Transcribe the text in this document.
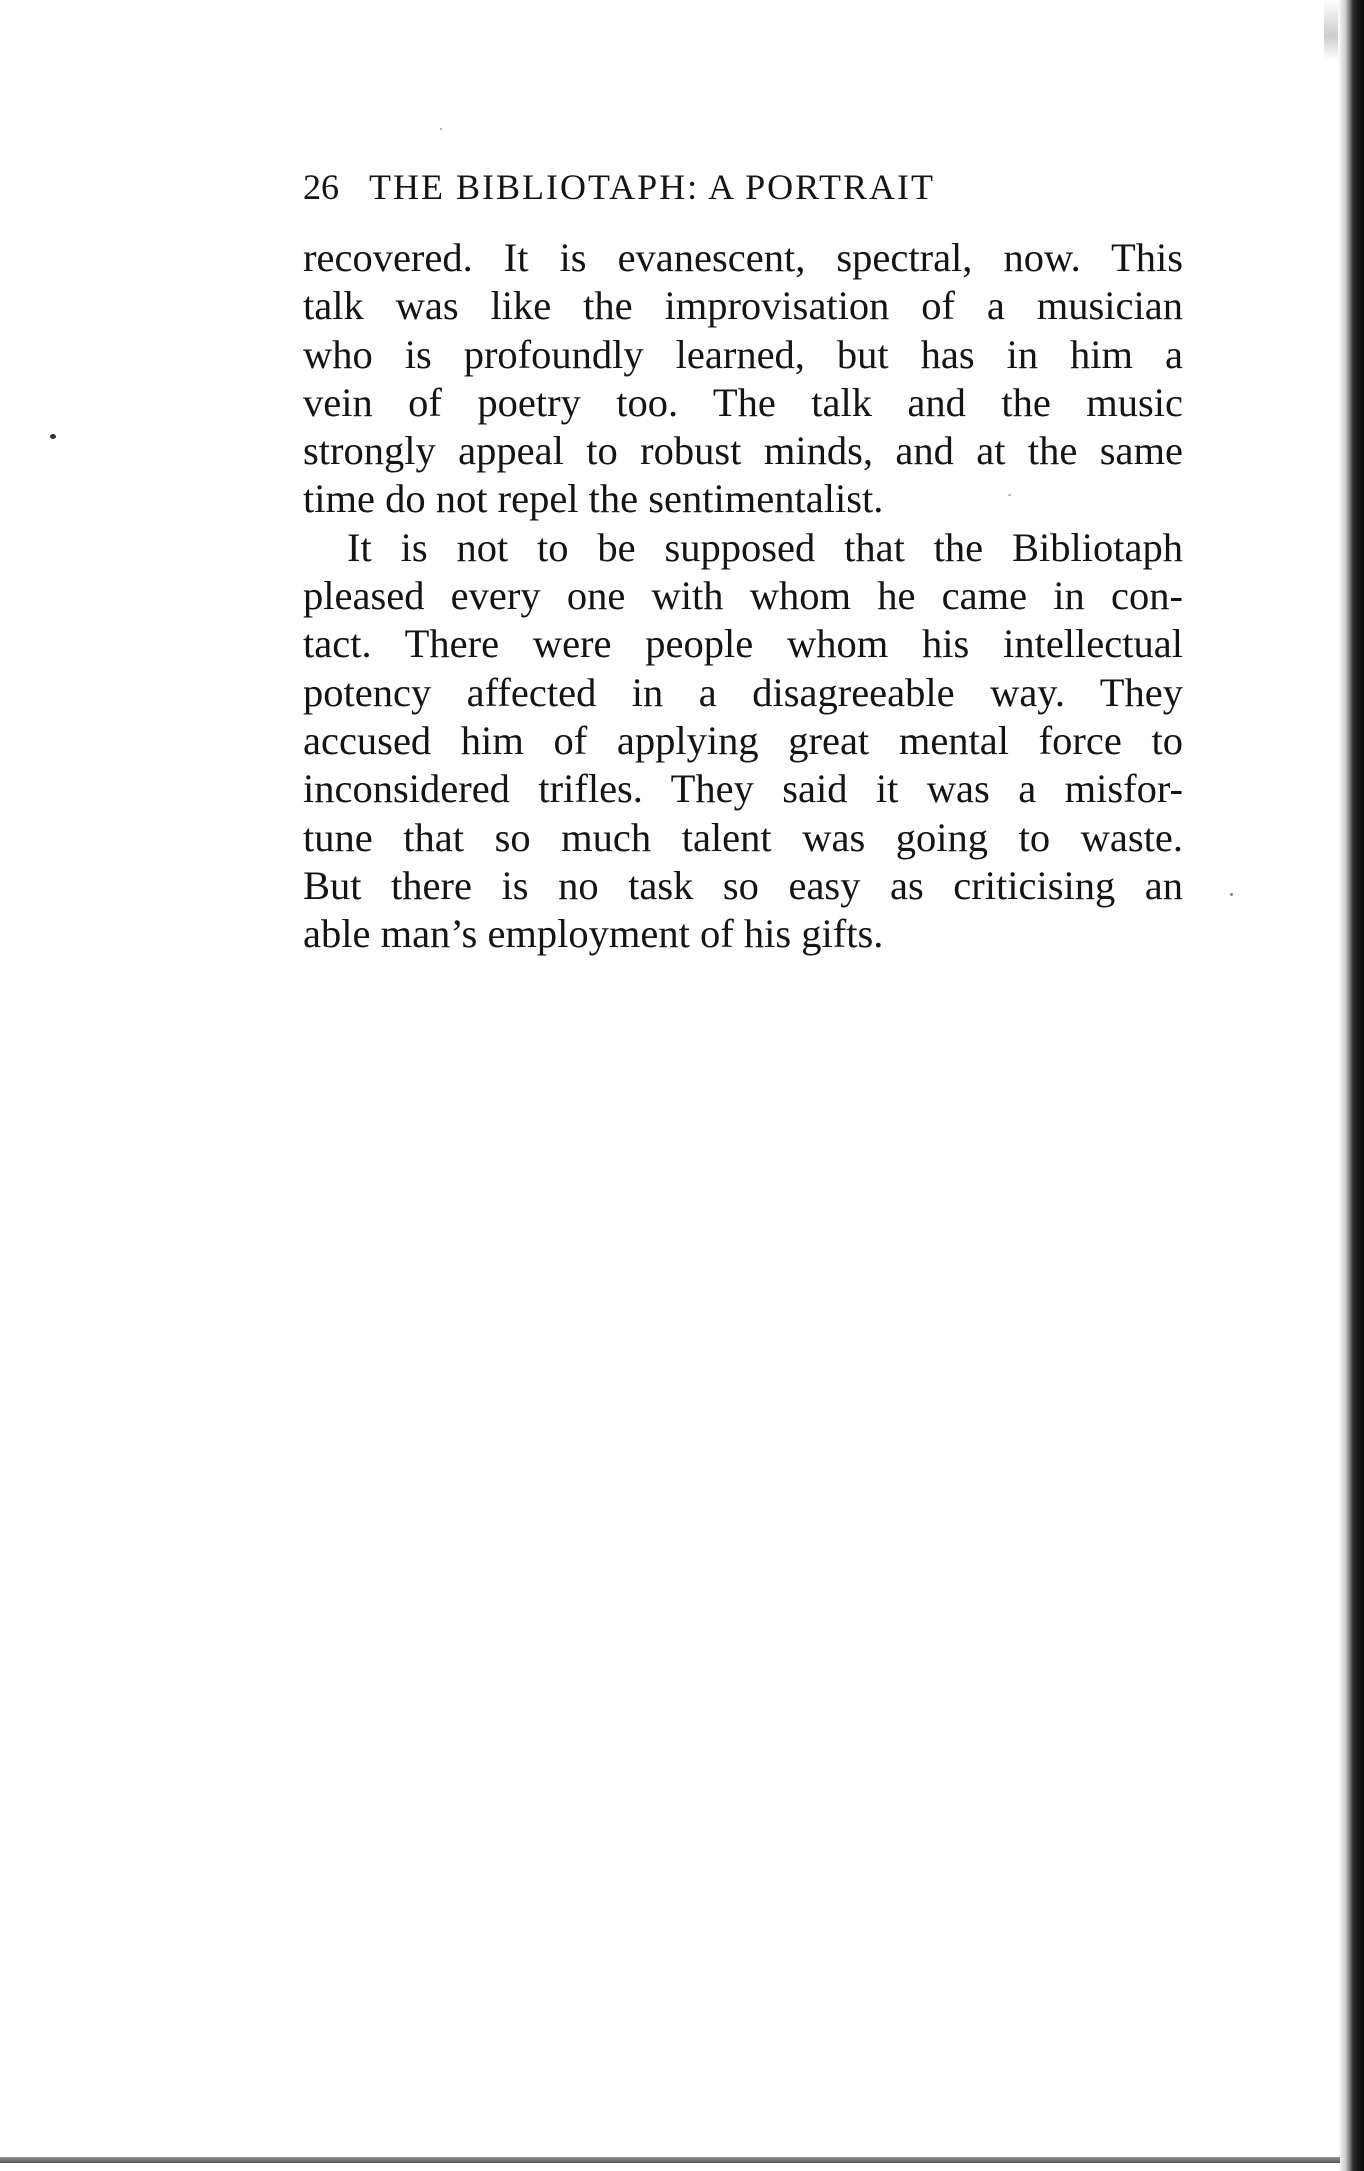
26 THE BIBLIOTAPH: A PORTRAIT
recovered. It is evanescent, spectral, now. This
talk was like the improvisation of a musician
who is profoundly learned, but has in him a
vein of poetry too. The talk and the music
strongly appeal to robust minds, and at the same
time do not repel the sentimentalist.
It is not to be supposed that the Bibliotaph
pleased every one with whom he came in con-
tact. There were people whom his intellectual
potency affected in a disagreeable way. They
accused him of applying great mental force to
inconsidered trifles. They said it was a misfor-
tune that so much talent was going to waste.
But there is no task so easy as criticising an
able man’s employment of his gifts.
